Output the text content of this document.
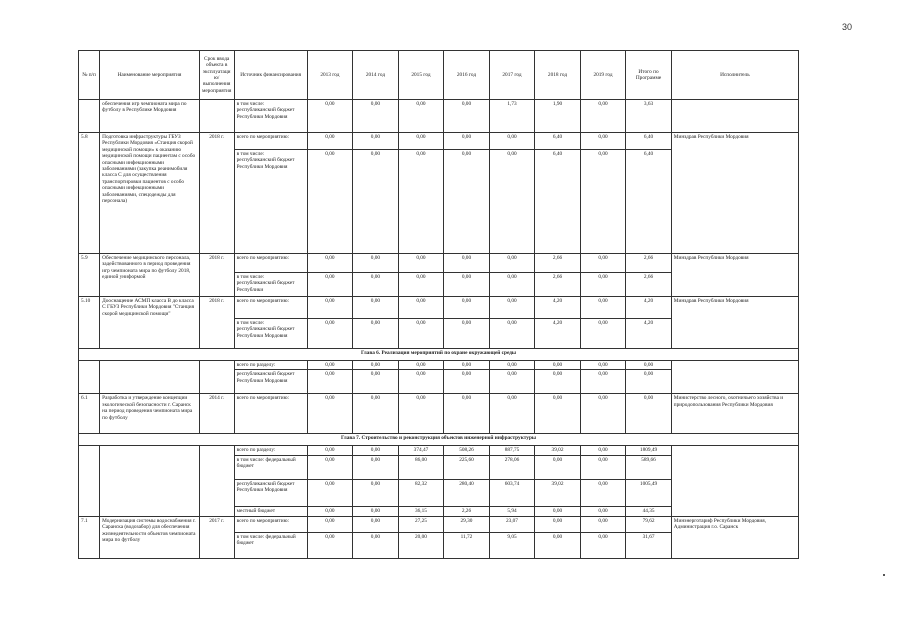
30
№ п/п	Наименование мероприятия	Срок ввода объекта в эксплуатацию/ выполнения мероприятия	Источник финансирования	2013 год	2014 год	2015 год	2016 год	2017 год	2018 год	2019 год	Итого по Программе	Исполнитель
	обеспечения игр чемпионата мира по футболу в Республике Мордовия		в том числе: республиканский бюджет Республики Мордовия	0,00	0,00	0,00	0,00	1,73	1,90	0,00	3,63	
5.8	Подготовка инфраструктуры ГБУЗ Республики Мордовия «Станция скорой медицинской помощи» к оказанию медицинской помощи пациентам с особо опасными инфекционными заболеваниями (закупка реанимобиля класса С для осуществления транспортировки пациентов с особо опасными инфекционными заболеваниями, спецодежды для персонала)	2018 г.	всего по мероприятию:	0,00	0,00	0,00	0,00	0,00	6,40	0,00	6,40	Минздрав Республики Мордовия
			в том числе: республиканский бюджет Республики Мордовия	0,00	0,00	0,00	0,00	0,00	6,40	0,00	6,40	
5.9	Обеспечение медицинского персонала, задействованного в период проведения игр чемпионата мира по футболу 2018, единой униформой	2018 г.	всего по мероприятию:	0,00	0,00	0,00	0,00	0,00	2,66	0,00	2,66	Минздрав Республики Мордовия
			в том числе: республиканский бюджет Республики	0,00	0,00	0,00	0,00	0,00	2,66	0,00	2,66	
5.10	Дооснащение АСМП класса В до класса С ГБУЗ Республики Мордовия "Станция скорой медицинской помощи"	2018 г.	всего по мероприятию:	0,00	0,00	0,00	0,00	0,00	4,20	0,00	4,20	Минздрав Республики Мордовия
			в том числе: республиканский бюджет Республики Мордовия	0,00	0,00	0,00	0,00	0,00	4,20	0,00	4,20	
Глава 6. Реализация мероприятий по охране окружающей среды												
			всего по разделу:	0,00	0,00	0,00	0,00	0,00	0,00	0,00	0,00	
			республиканский бюджет Республики Мордовия	0,00	0,00	0,00	0,00	0,00	0,00	0,00	0,00	
6.1	Разработка и утверждение концепции экологической безопасности г. Саранск на период проведения чемпионата мира по футболу	2014 г.	всего по мероприятию:	0,00	0,00	0,00	0,00	0,00	0,00	0,00	0,00	Министерство лесного, охотничьего хозяйства и природопользования Республики Мордовия
Глава 7. Строительство и реконструкция объектов инженерной инфраструктуры												
			всего по разделу:	0,00	0,00	374,47	508,26	887,75	39,02	0,00	1809,49	
			в том числе: федеральный бюджет	0,00	0,00	86,00	225,60	278,06	0,00	0,00	589,66	
			республиканский бюджет Республики Мордовия	0,00	0,00	82,32	280,40	603,74	39,02	0,00	1005,49	
			местный бюджет	0,00	0,00	36,15	2,26	5,94	0,00	0,00	44,35	
7.1	Модернизация системы водоснабжения г. Саранска (водозабор) для обеспечения жизнедеятельности объектов чемпионата мира по футболу	2017 г.	всего по мероприятию:	0,00	0,00	27,25	29,30	23,07	0,00	0,00	79,62	Минэнерготариф Республики Мордовия, Администрация г.о. Саранск
			в том числе: федеральный бюджет	0,00	0,00	20,00	11,72	9,05	0,00	0,00	31,67	
